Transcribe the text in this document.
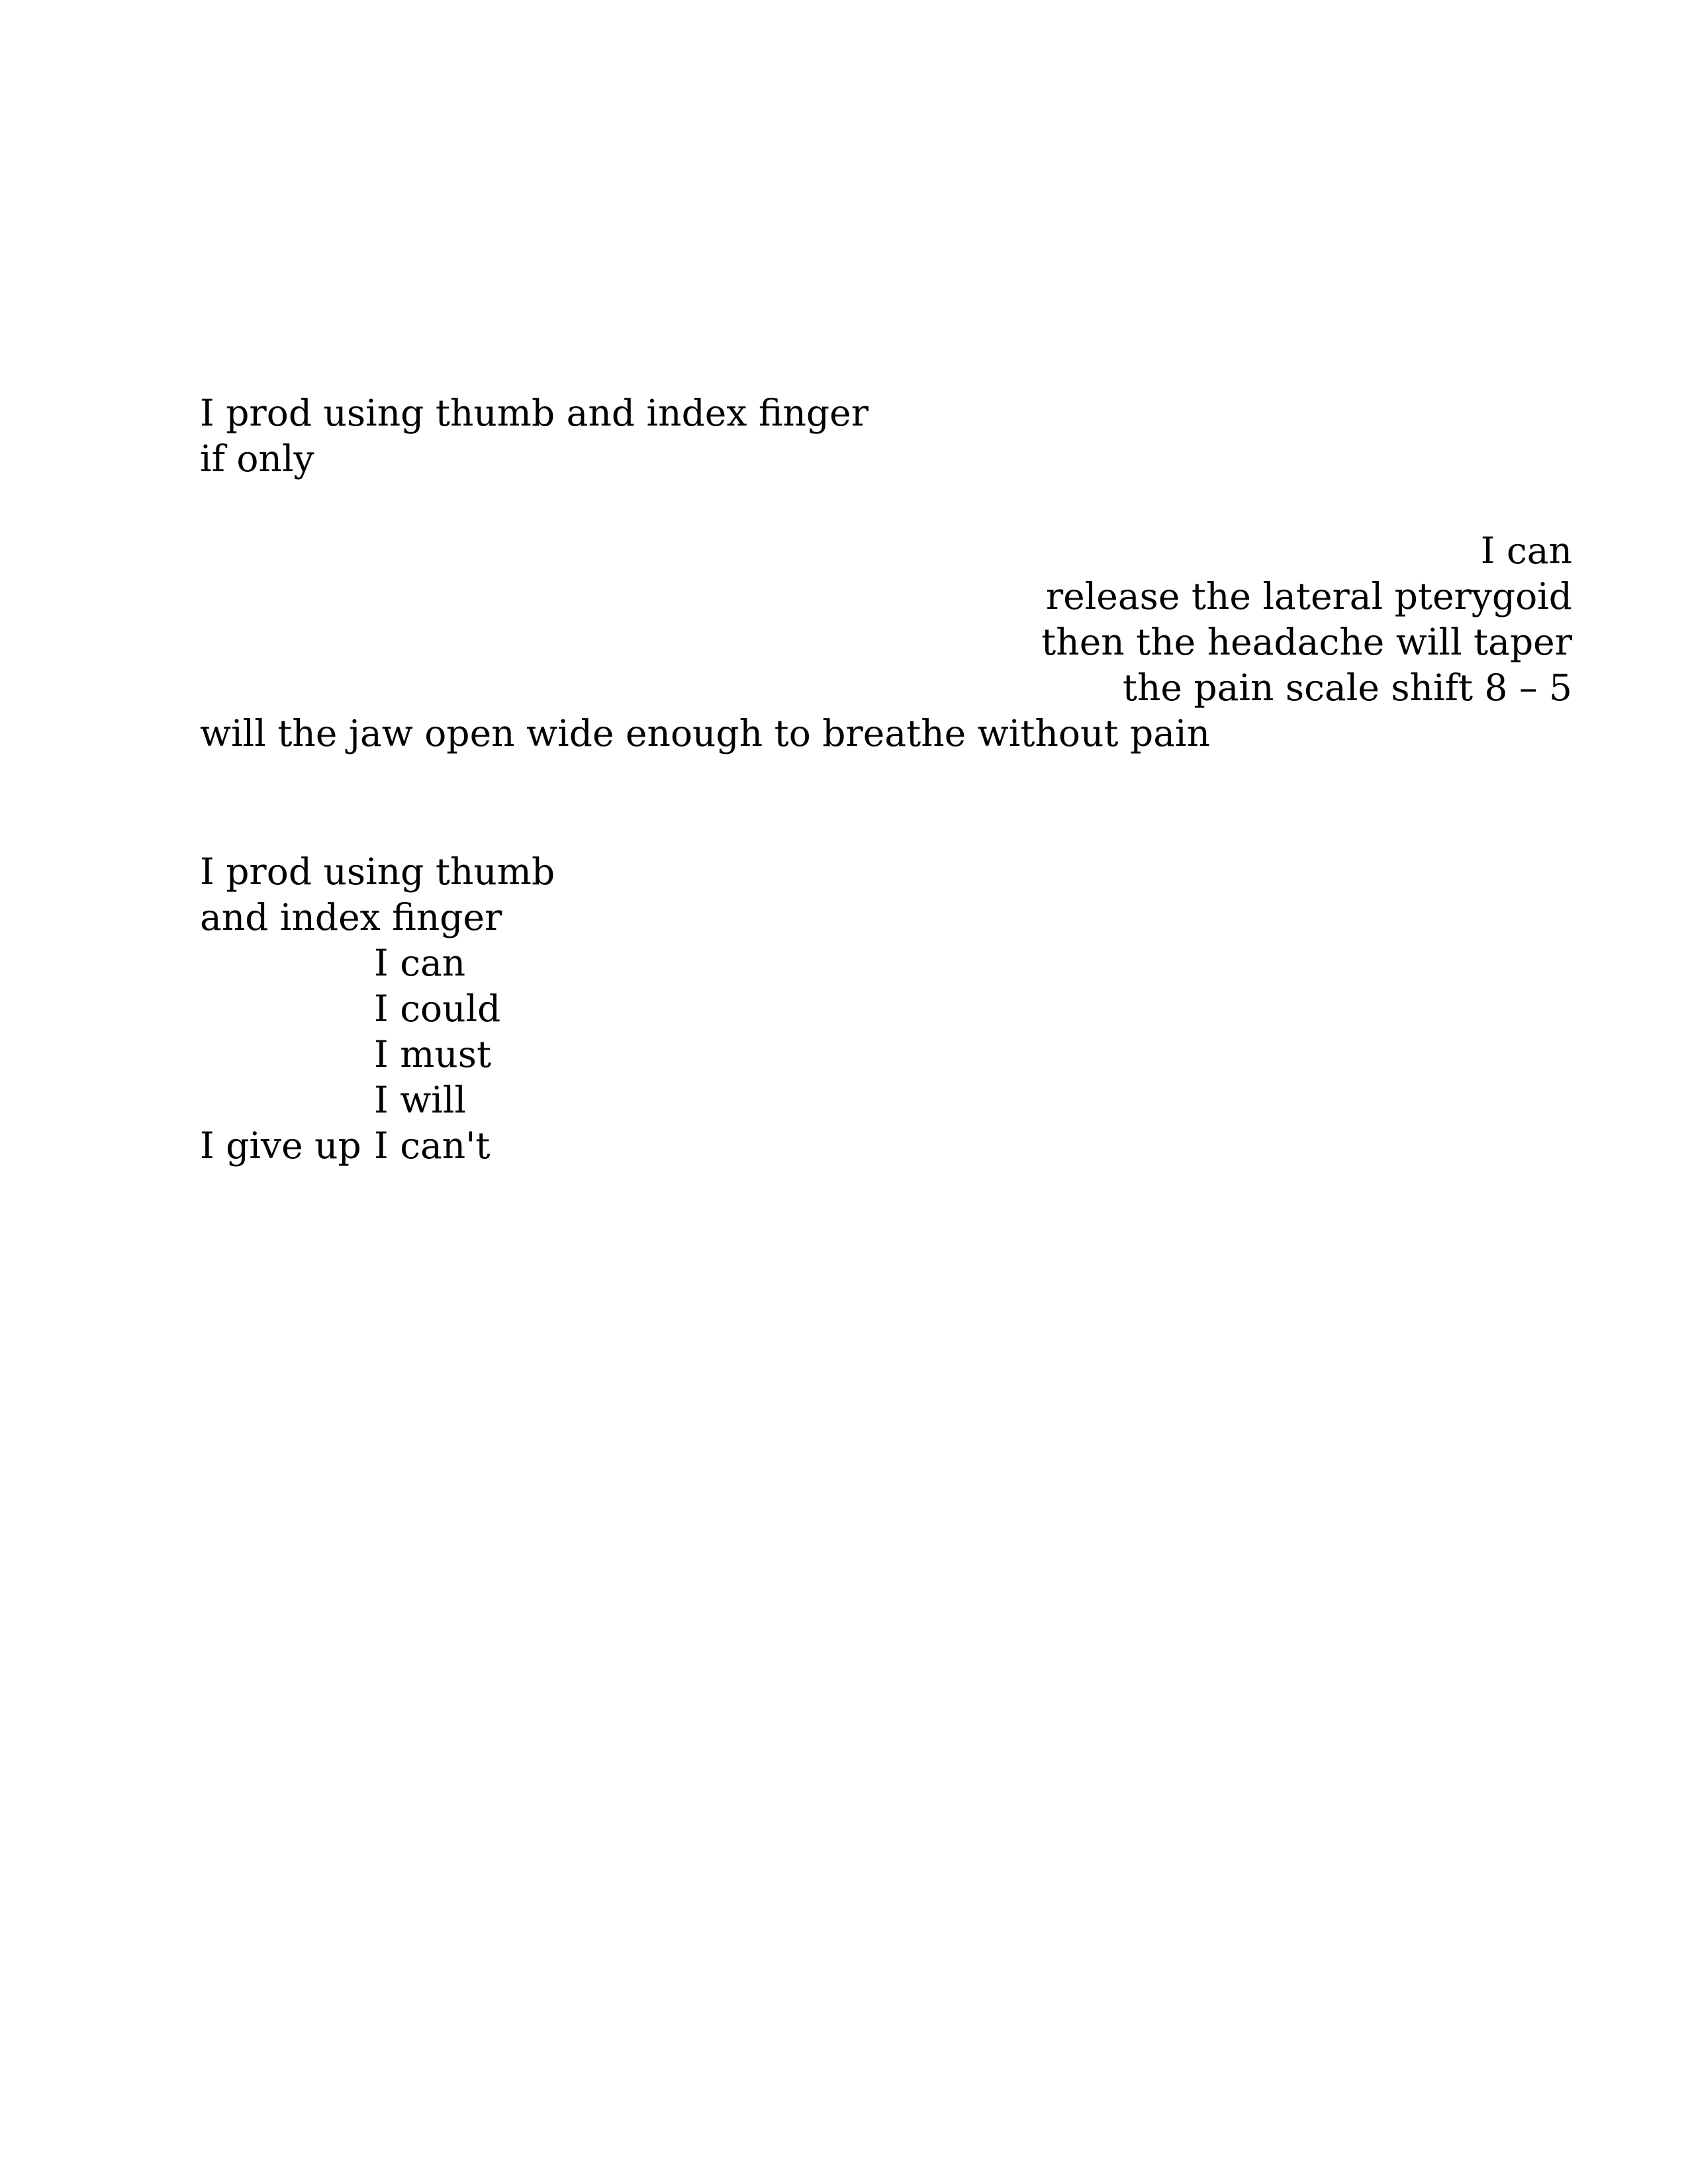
I prod using thumb and index finger
if only
I can
release the lateral pterygoid
then the headache will taper
the pain scale shift 8 – 5
will the jaw open wide enough to breathe without pain
I prod using thumb
and index finger
I can
I could
I must
I will
I give up I can't
